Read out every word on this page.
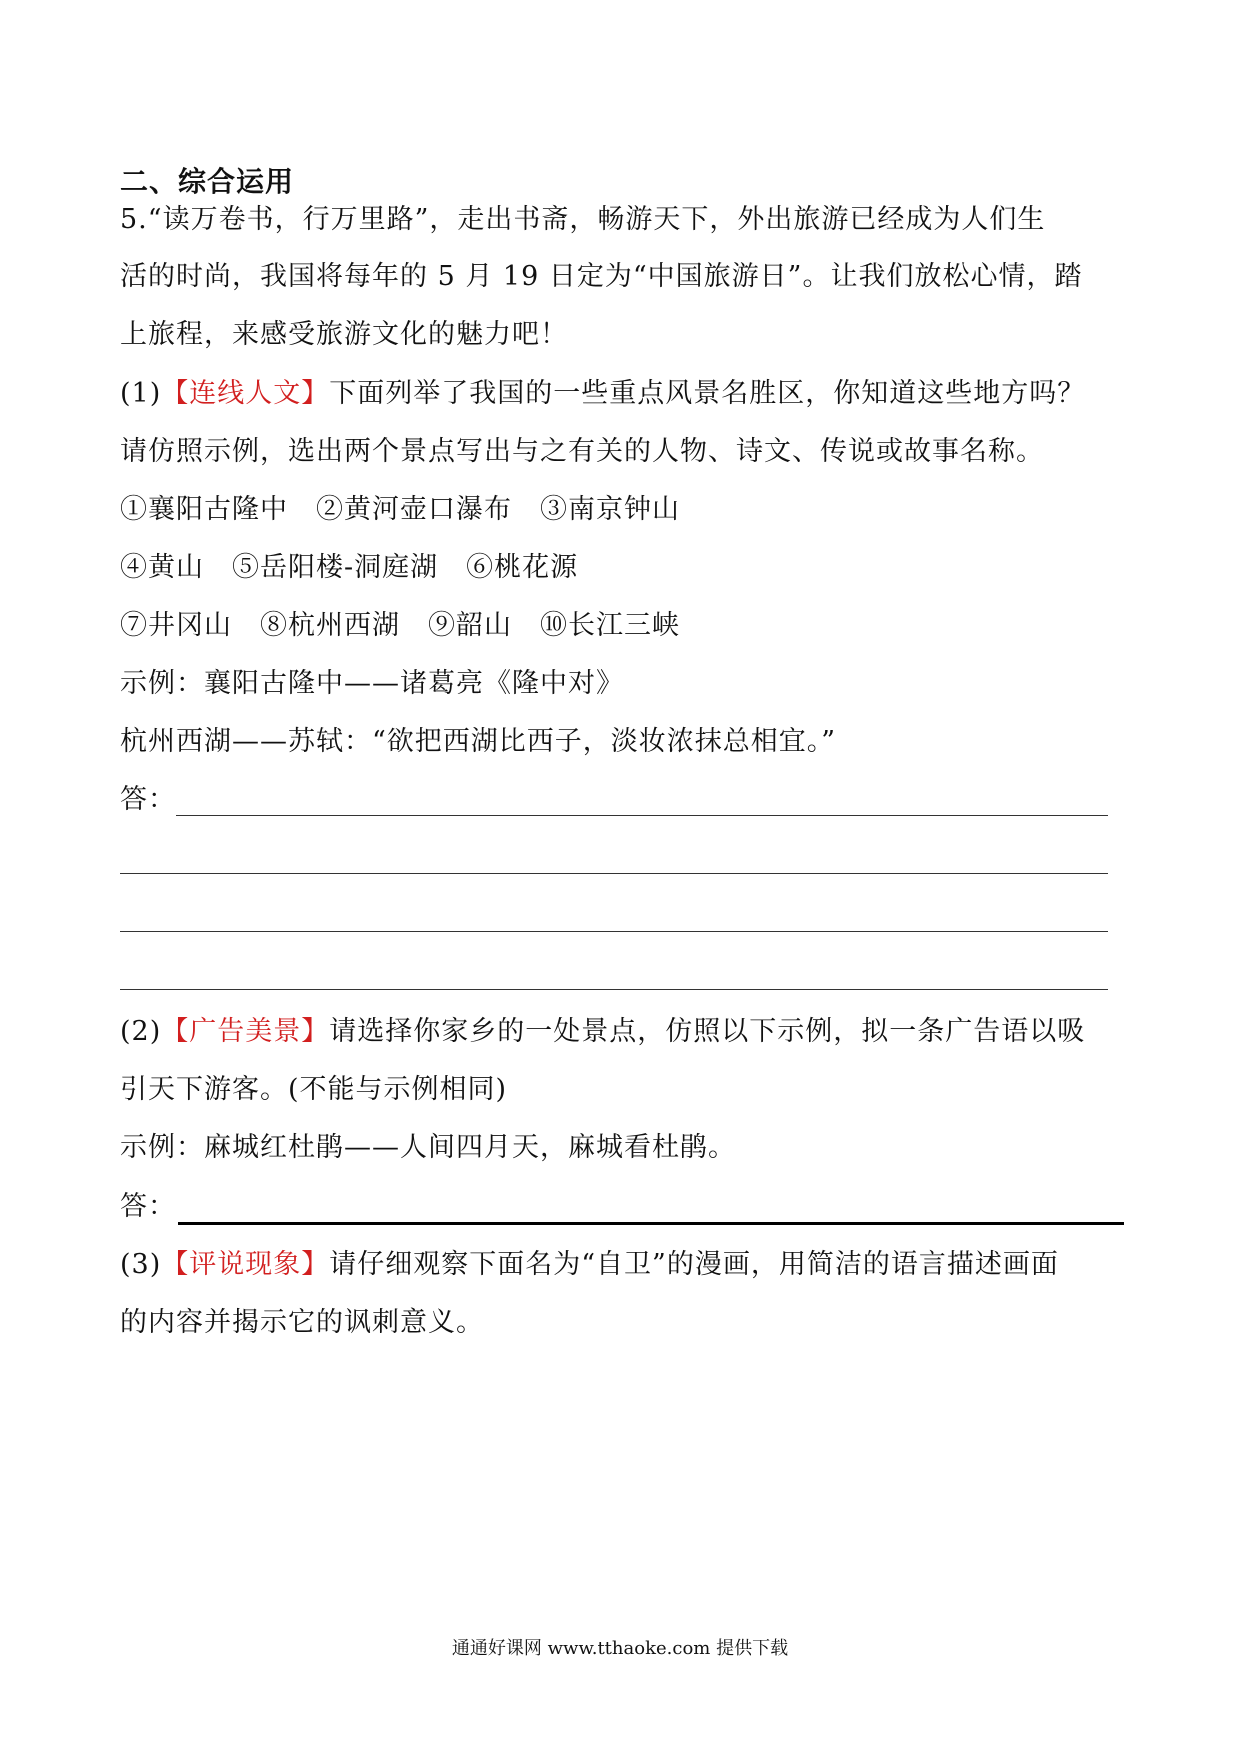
二、综合运用
5.“读万卷书，行万里路”，走出书斋，畅游天下，外出旅游已经成为人们生
活的时尚，我国将每年的 5 月 19 日定为“中国旅游日”。让我们放松心情，踏
上旅程，来感受旅游文化的魅力吧！
(1)【连线人文】下面列举了我国的一些重点风景名胜区，你知道这些地方吗？
请仿照示例，选出两个景点写出与之有关的人物、诗文、传说或故事名称。
①襄阳古隆中 ②黄河壶口瀑布 ③南京钟山
④黄山 ⑤岳阳楼-洞庭湖 ⑥桃花源
⑦井冈山 ⑧杭州西湖 ⑨韶山 ⑩长江三峡
示例：襄阳古隆中——诸葛亮《隆中对》
杭州西湖——苏轼：“欲把西湖比西子，淡妆浓抹总相宜。”
答：
(2)【广告美景】请选择你家乡的一处景点，仿照以下示例，拟一条广告语以吸
引天下游客。(不能与示例相同)
示例：麻城红杜鹃——人间四月天，麻城看杜鹃。
答：
(3)【评说现象】请仔细观察下面名为“自卫”的漫画，用简洁的语言描述画面
的内容并揭示它的讽刺意义。
通通好课网 www.tthaoke.com 提供下载
